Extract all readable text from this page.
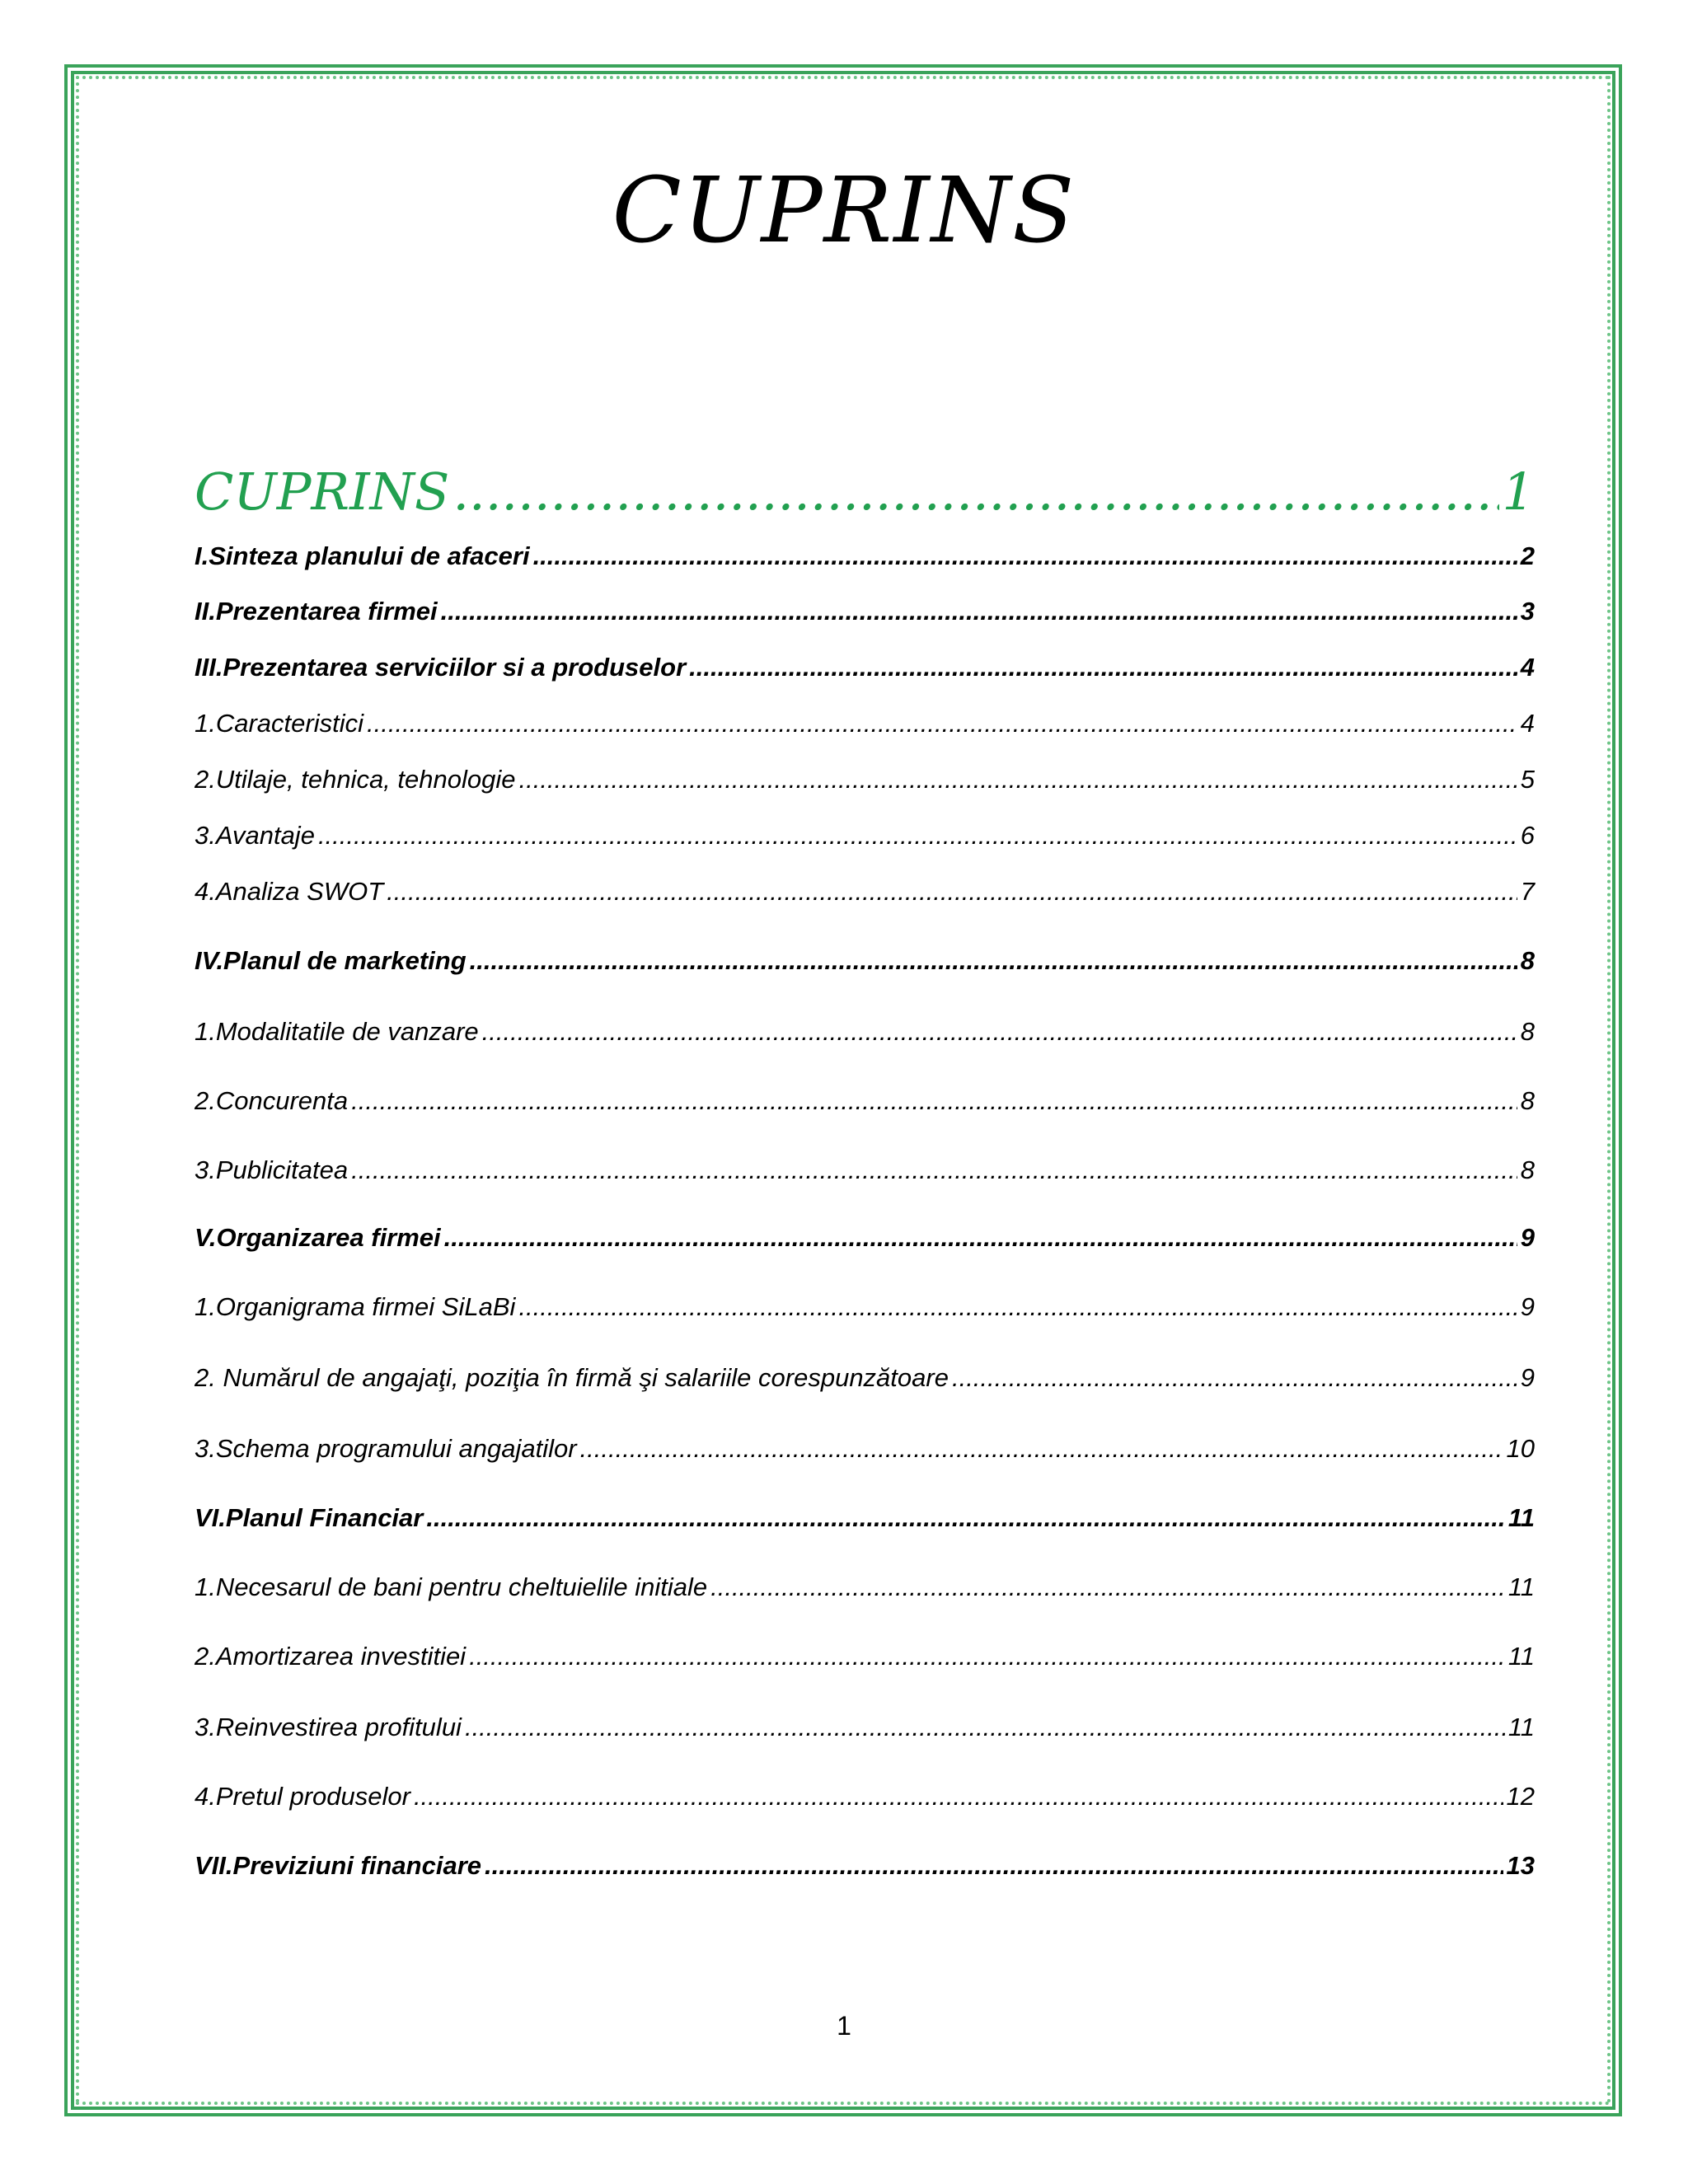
CUPRINS
CUPRINS .....	1
I.Sinteza planului de afaceri .....	2
II.Prezentarea firmei .....	3
III.Prezentarea serviciilor si a produselor .....	4
1.Caracteristici .....	4
2.Utilaje, tehnica, tehnologie .....	5
3.Avantaje .....	6
4.Analiza SWOT .....	7
IV.Planul de marketing .....	8
1.Modalitatile de vanzare .....	8
2.Concurenta .....	8
3.Publicitatea .....	8
V.Organizarea firmei .....	9
1.Organigrama firmei SiLaBi .....	9
2. Numărul de angajaţi, poziţia în firmă şi salariile corespunzătoare .....	9
3.Schema programului angajatilor .....	10
VI.Planul Financiar .....	11
1.Necesarul de bani pentru cheltuielile initiale .....	11
2.Amortizarea investitiei .....	11
3.Reinvestirea profitului .....	11
4.Pretul produselor .....	12
VII.Previziuni financiare .....	13
1
